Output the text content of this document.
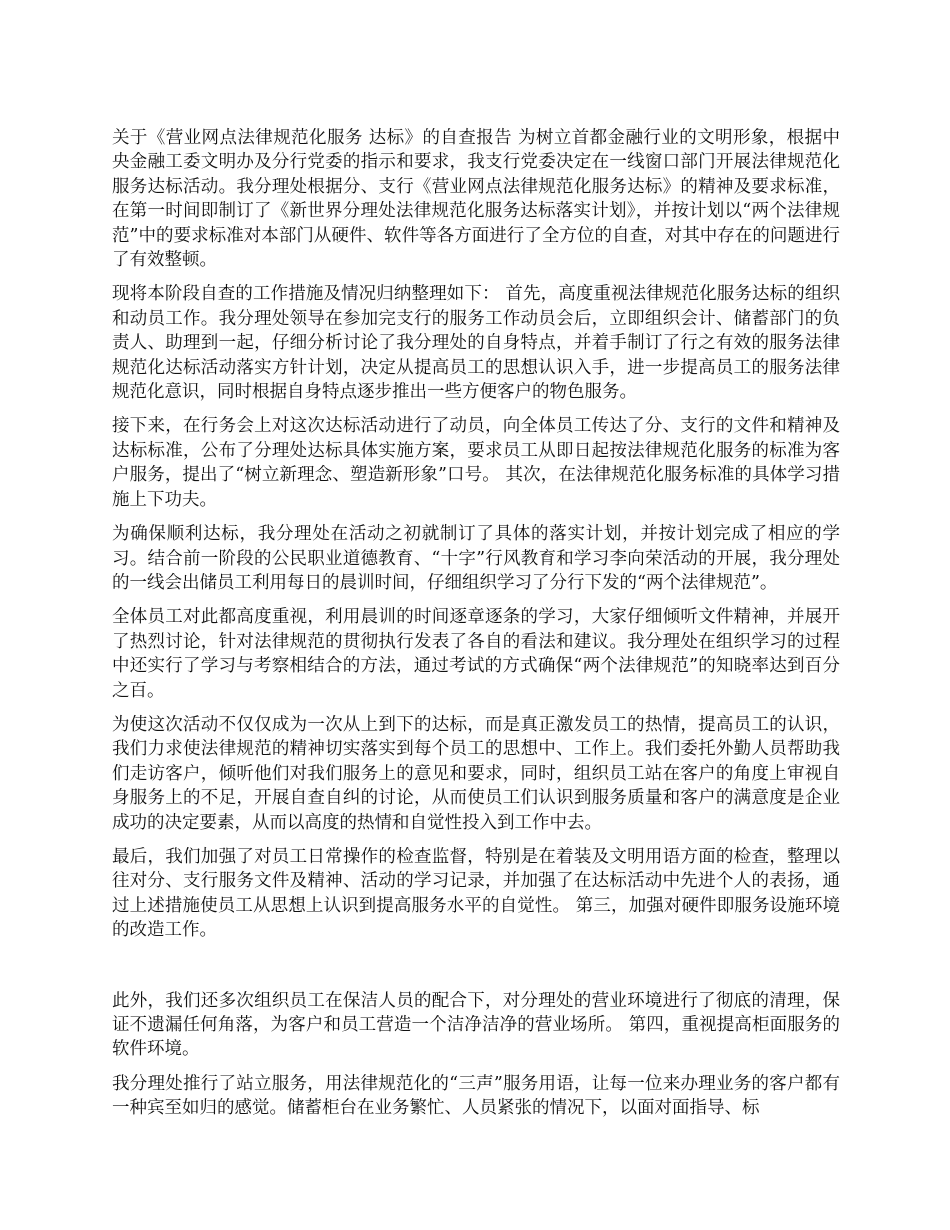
关于《营业网点法律规范化服务 达标》的自查报告 为树立首都金融行业的文明形象，根据中央金融工委文明办及分行党委的指示和要求，我支行党委决定在一线窗口部门开展法律规范化服务达标活动。我分理处根据分、支行《营业网点法律规范化服务达标》的精神及要求标准，在第一时间即制订了《新世界分理处法律规范化服务达标落实计划》，并按计划以“两个法律规范”中的要求标准对本部门从硬件、软件等各方面进行了全方位的自查，对其中存在的问题进行了有效整顿。

现将本阶段自查的工作措施及情况归纳整理如下： 首先，高度重视法律规范化服务达标的组织和动员工作。我分理处领导在参加完支行的服务工作动员会后，立即组织会计、储蓄部门的负责人、助理到一起，仔细分析讨论了我分理处的自身特点，并着手制订了行之有效的服务法律规范化达标活动落实方针计划，决定从提高员工的思想认识入手，进一步提高员工的服务法律规范化意识，同时根据自身特点逐步推出一些方便客户的物色服务。

接下来，在行务会上对这次达标活动进行了动员，向全体员工传达了分、支行的文件和精神及达标标准，公布了分理处达标具体实施方案，要求员工从即日起按法律规范化服务的标准为客户服务，提出了“树立新理念、塑造新形象”口号。 其次，在法律规范化服务标准的具体学习措施上下功夫。

为确保顺利达标，我分理处在活动之初就制订了具体的落实计划，并按计划完成了相应的学习。结合前一阶段的公民职业道德教育、“十字”行风教育和学习李向荣活动的开展，我分理处的一线会出储员工利用每日的晨训时间，仔细组织学习了分行下发的“两个法律规范”。

全体员工对此都高度重视，利用晨训的时间逐章逐条的学习，大家仔细倾听文件精神，并展开了热烈讨论，针对法律规范的贯彻执行发表了各自的看法和建议。我分理处在组织学习的过程中还实行了学习与考察相结合的方法，通过考试的方式确保“两个法律规范”的知晓率达到百分之百。

为使这次活动不仅仅成为一次从上到下的达标，而是真正激发员工的热情，提高员工的认识，我们力求使法律规范的精神切实落实到每个员工的思想中、工作上。我们委托外勤人员帮助我们走访客户，倾听他们对我们服务上的意见和要求，同时，组织员工站在客户的角度上审视自身服务上的不足，开展自查自纠的讨论，从而使员工们认识到服务质量和客户的满意度是企业成功的决定要素，从而以高度的热情和自觉性投入到工作中去。

最后，我们加强了对员工日常操作的检查监督，特别是在着装及文明用语方面的检查，整理以往对分、支行服务文件及精神、活动的学习记录，并加强了在达标活动中先进个人的表扬，通过上述措施使员工从思想上认识到提高服务水平的自觉性。 第三，加强对硬件即服务设施环境的改造工作。

此外，我们还多次组织员工在保洁人员的配合下，对分理处的营业环境进行了彻底的清理，保证不遗漏任何角落，为客户和员工营造一个洁净洁净的营业场所。 第四，重视提高柜面服务的软件环境。

我分理处推行了站立服务，用法律规范化的“三声”服务用语，让每一位来办理业务的客户都有一种宾至如归的感觉。储蓄柜台在业务繁忙、人员紧张的情况下，以面对面指导、标
